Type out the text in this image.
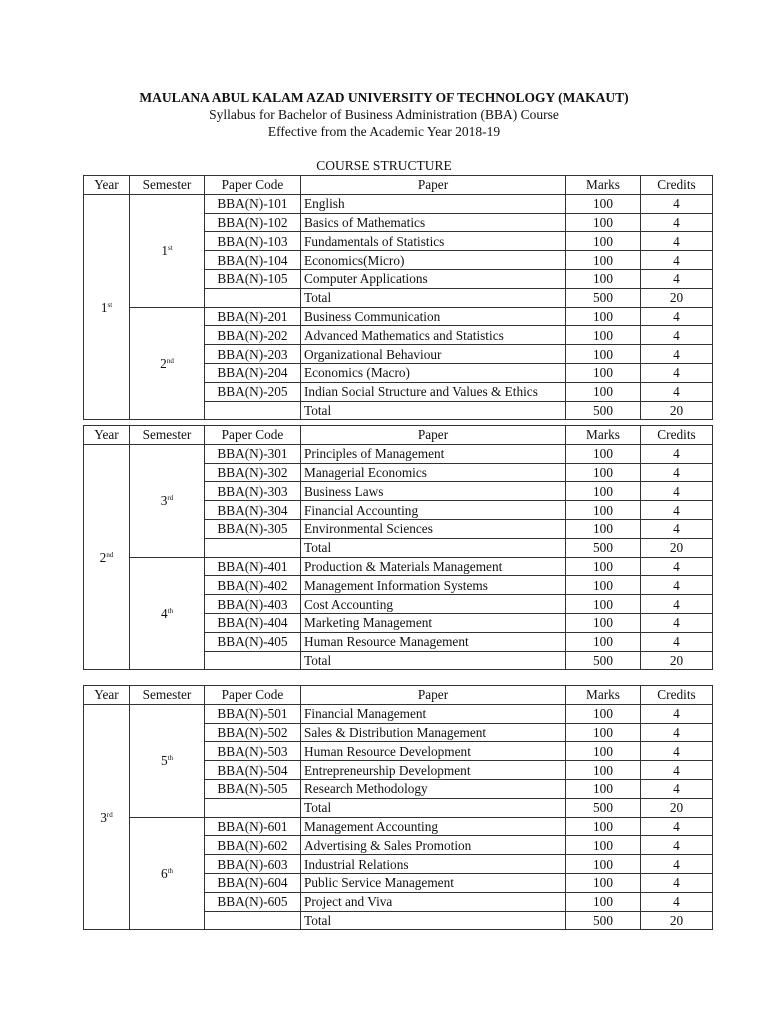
MAULANA ABUL KALAM AZAD UNIVERSITY OF TECHNOLOGY (MAKAUT)
Syllabus for Bachelor of Business Administration (BBA) Course
Effective from the Academic Year 2018-19
COURSE STRUCTURE
Year	Semester	Paper Code	Paper	Marks	Credits
1st	1st	BBA(N)-101	English	100	4
		BBA(N)-102	Basics of Mathematics	100	4
		BBA(N)-103	Fundamentals of Statistics	100	4
		BBA(N)-104	Economics(Micro)	100	4
		BBA(N)-105	Computer Applications	100	4
			Total	500	20
	2nd	BBA(N)-201	Business Communication	100	4
		BBA(N)-202	Advanced Mathematics and Statistics	100	4
		BBA(N)-203	Organizational Behaviour	100	4
		BBA(N)-204	Economics (Macro)	100	4
		BBA(N)-205	Indian Social Structure and Values & Ethics	100	4
			Total	500	20
Year	Semester	Paper Code	Paper	Marks	Credits
2nd	3rd	BBA(N)-301	Principles of Management	100	4
		BBA(N)-302	Managerial Economics	100	4
		BBA(N)-303	Business Laws	100	4
		BBA(N)-304	Financial Accounting	100	4
		BBA(N)-305	Environmental Sciences	100	4
			Total	500	20
	4th	BBA(N)-401	Production & Materials Management	100	4
		BBA(N)-402	Management Information Systems	100	4
		BBA(N)-403	Cost Accounting	100	4
		BBA(N)-404	Marketing Management	100	4
		BBA(N)-405	Human Resource Management	100	4
			Total	500	20
Year	Semester	Paper Code	Paper	Marks	Credits
3rd	5th	BBA(N)-501	Financial Management	100	4
		BBA(N)-502	Sales & Distribution Management	100	4
		BBA(N)-503	Human Resource Development	100	4
		BBA(N)-504	Entrepreneurship Development	100	4
		BBA(N)-505	Research Methodology	100	4
			Total	500	20
	6th	BBA(N)-601	Management Accounting	100	4
		BBA(N)-602	Advertising & Sales Promotion	100	4
		BBA(N)-603	Industrial Relations	100	4
		BBA(N)-604	Public Service Management	100	4
		BBA(N)-605	Project and Viva	100	4
			Total	500	20
